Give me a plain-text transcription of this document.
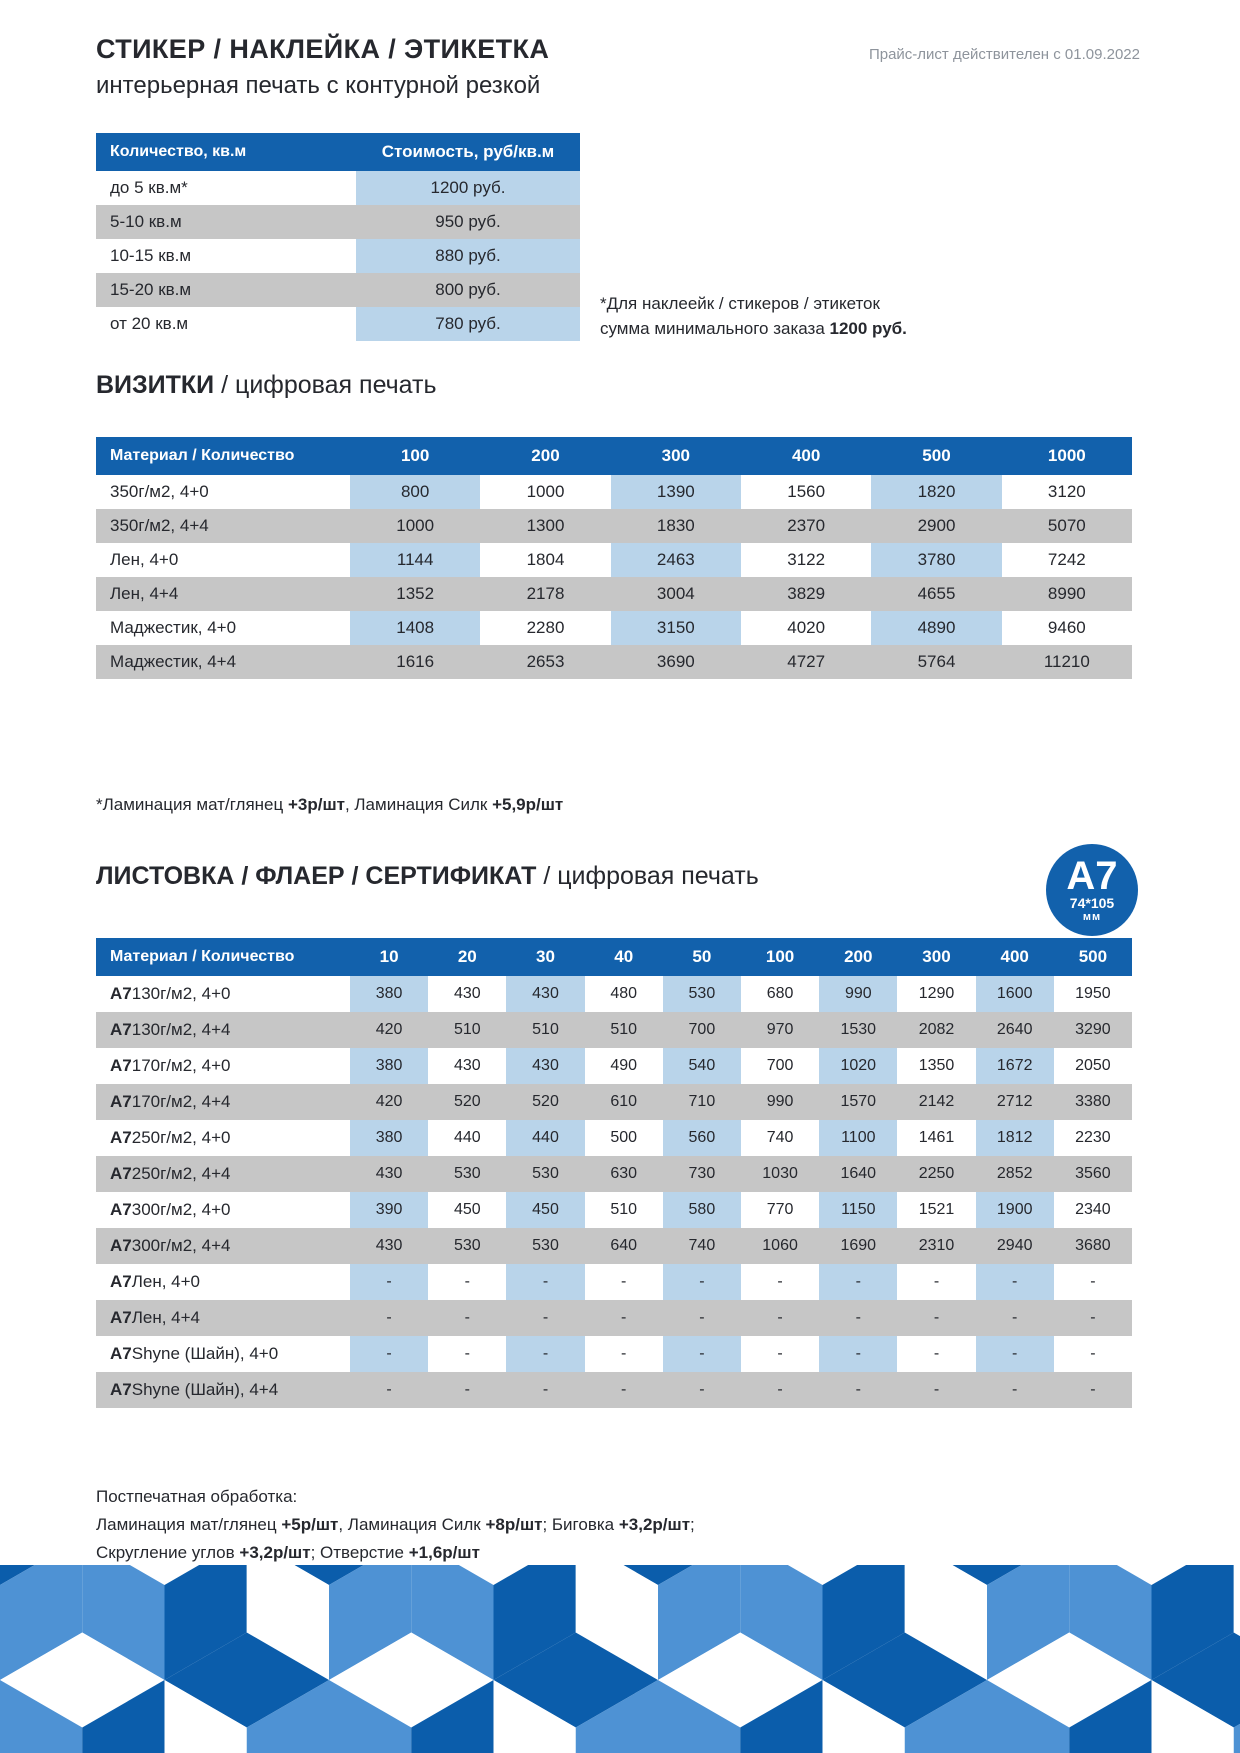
СТИКЕР / НАКЛЕЙКА / ЭТИКЕТКА	Прайс-лист действителен с 01.09.2022
интерьерная печать с контурной резкой
Количество, кв.м	Стоимость, руб/кв.м
до 5 кв.м*	1200 руб.
5-10 кв.м	950 руб.
10-15 кв.м	880 руб.
15-20 кв.м	800 руб.
от 20 кв.м	780 руб.
*Для наклеейк / стикеров / этикеток
сумма минимального заказа 1200 руб.
ВИЗИТКИ / цифровая печать
Материал / Количество	100	200	300	400	500	1000
350г/м2, 4+0	800	1000	1390	1560	1820	3120
350г/м2, 4+4	1000	1300	1830	2370	2900	5070
Лен, 4+0	1144	1804	2463	3122	3780	7242
Лен, 4+4	1352	2178	3004	3829	4655	8990
Маджестик, 4+0	1408	2280	3150	4020	4890	9460
Маджестик, 4+4	1616	2653	3690	4727	5764	11210
*Ламинация мат/глянец +3р/шт, Ламинация Силк +5,9р/шт
ЛИСТОВКА / ФЛАЕР / СЕРТИФИКАТ / цифровая печать	А7
74*105
мм
Материал / Количество	10	20	30	40	50	100	200	300	400	500
А7 130г/м2, 4+0	380	430	430	480	530	680	990	1290	1600	1950
А7 130г/м2, 4+4	420	510	510	510	700	970	1530	2082	2640	3290
А7 170г/м2, 4+0	380	430	430	490	540	700	1020	1350	1672	2050
А7 170г/м2, 4+4	420	520	520	610	710	990	1570	2142	2712	3380
А7 250г/м2, 4+0	380	440	440	500	560	740	1100	1461	1812	2230
А7 250г/м2, 4+4	430	530	530	630	730	1030	1640	2250	2852	3560
А7 300г/м2, 4+0	390	450	450	510	580	770	1150	1521	1900	2340
А7 300г/м2, 4+4	430	530	530	640	740	1060	1690	2310	2940	3680
А7 Лен, 4+0	-	-	-	-	-	-	-	-	-	-
А7 Лен, 4+4	-	-	-	-	-	-	-	-	-	-
А7 Shyne (Шайн), 4+0	-	-	-	-	-	-	-	-	-	-
А7 Shyne (Шайн), 4+4	-	-	-	-	-	-	-	-	-	-
Постпечатная обработка:
Ламинация мат/глянец +5р/шт, Ламинация Силк +8р/шт; Биговка +3,2р/шт;
Скругление углов +3,2р/шт; Отверстие +1,6р/шт
